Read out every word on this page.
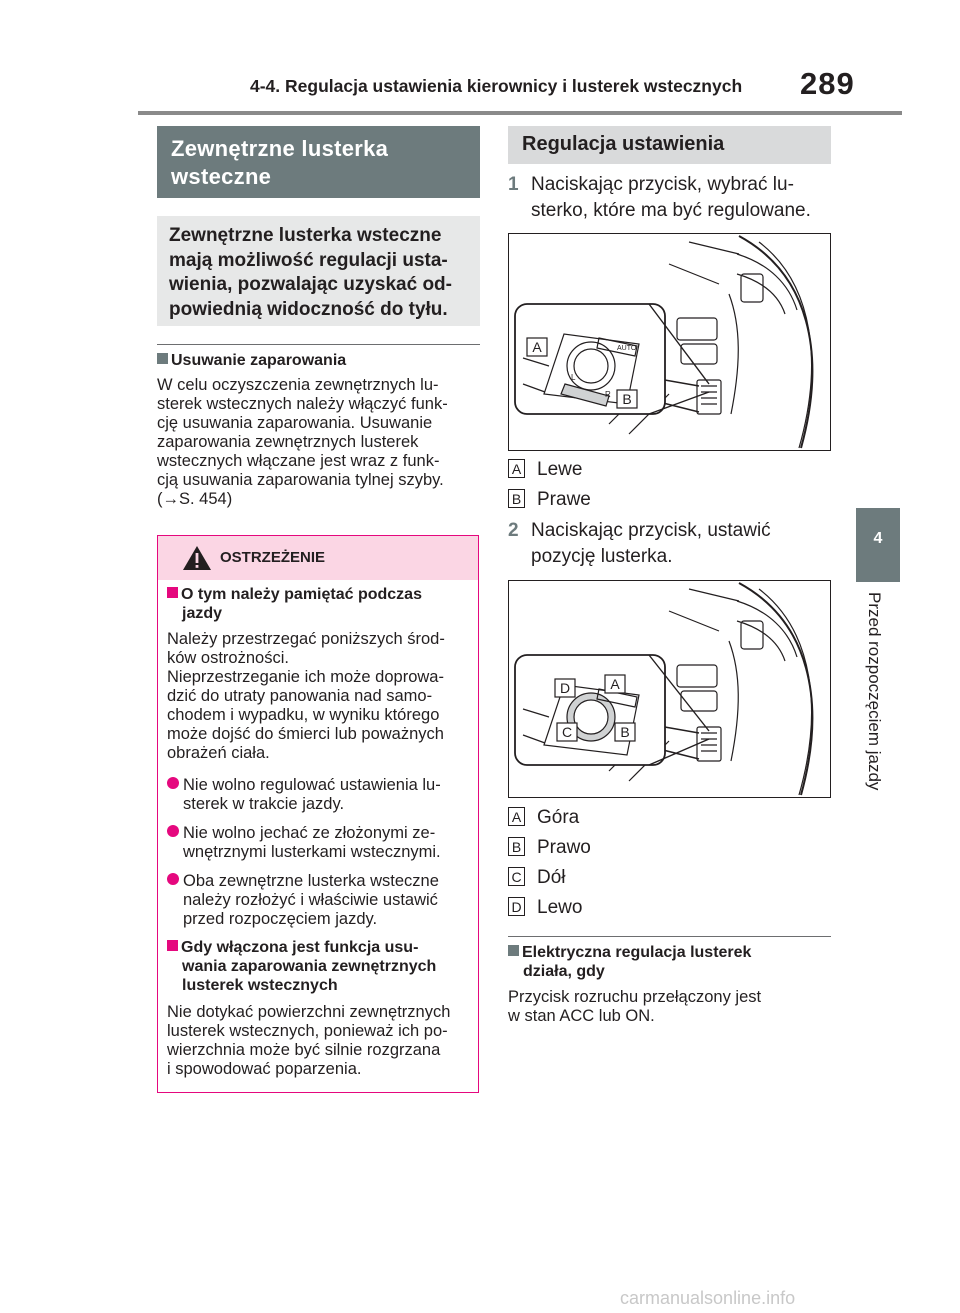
4-4. Regulacja ustawienia kierownicy i lusterek wstecznych 289
4
Przed rozpoczęciem jazdy
Zewnętrzne lusterka
wsteczne
Zewnętrzne lusterka wsteczne
mają możliwość regulacji usta-
wienia, pozwalając uzyskać od-
powiednią widoczność do tyłu.
Usuwanie zaparowania
W celu oczyszczenia zewnętrznych lu-
sterek wstecznych należy włączyć funk-
cję usuwania zaparowania. Usuwanie
zaparowania zewnętrznych lusterek
wstecznych włączane jest wraz z funk-
cją usuwania zaparowania tylnej szyby.
(→S. 454)
OSTRZEŻENIE
O tym należy pamiętać podczas
jazdy
Należy przestrzegać poniższych środ-
ków ostrożności.
Nieprzestrzeganie ich może doprowa-
dzić do utraty panowania nad samo-
chodem i wypadku, w wyniku którego
może dojść do śmierci lub poważnych
obrażeń ciała.
Nie wolno regulować ustawienia lu-
sterek w trakcie jazdy.
Nie wolno jechać ze złożonymi ze-
wnętrznymi lusterkami wstecznymi.
Oba zewnętrzne lusterka wsteczne
należy rozłożyć i właściwie ustawić
przed rozpoczęciem jazdy.
Gdy włączona jest funkcja usu-
wania zaparowania zewnętrznych
lusterek wstecznych
Nie dotykać powierzchni zewnętrznych
lusterek wstecznych, ponieważ ich po-
wierzchnia może być silnie rozgrzana
i spowodować poparzenia.
Regulacja ustawienia
1 Naciskając przycisk, wybrać lu-
sterko, które ma być regulowane.
A
B
AUTO
L
R
A Lewe
B Prawe
2 Naciskając przycisk, ustawić
pozycję lusterka.
D	A
C	B
A Góra
B Prawo
C Dół
D Lewo
Elektryczna regulacja lusterek
działa, gdy
Przycisk rozruchu przełączony jest
w stan ACC lub ON.
carmanualsonline.info
